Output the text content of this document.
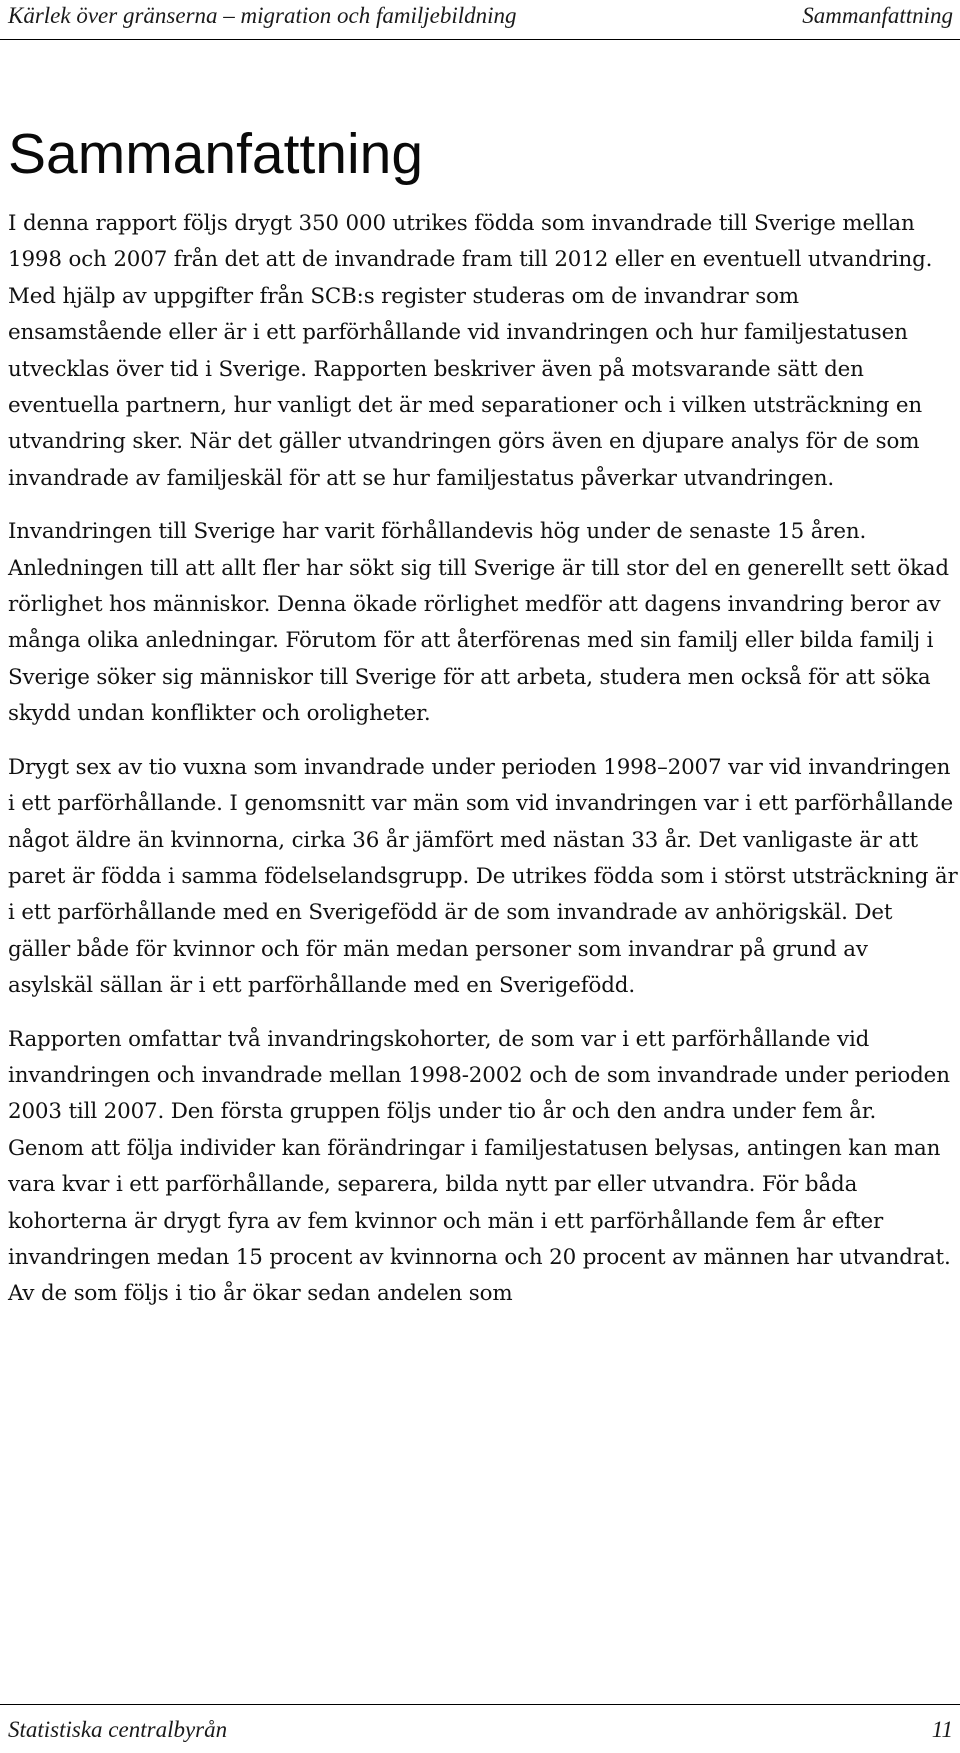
Kärlek över gränserna – migration och familjebildning	Sammanfattning
Sammanfattning

I denna rapport följs drygt 350 000 utrikes födda som invandrade till Sverige mellan 1998 och 2007 från det att de invandrade fram till 2012 eller en eventuell utvandring. Med hjälp av uppgifter från SCB:s register studeras om de invandrar som ensamstående eller är i ett parförhållande vid invandringen och hur familjestatusen utvecklas över tid i Sverige. Rapporten beskriver även på motsvarande sätt den eventuella partnern, hur vanligt det är med separationer och i vilken utsträckning en utvandring sker. När det gäller utvandringen görs även en djupare analys för de som invandrade av familjeskäl för att se hur familjestatus påverkar utvandringen.

Invandringen till Sverige har varit förhållandevis hög under de senaste 15 åren. Anledningen till att allt fler har sökt sig till Sverige är till stor del en generellt sett ökad rörlighet hos människor. Denna ökade rörlighet medför att dagens invandring beror av många olika anledningar. Förutom för att återförenas med sin familj eller bilda familj i Sverige söker sig människor till Sverige för att arbeta, studera men också för att söka skydd undan konflikter och oroligheter.

Drygt sex av tio vuxna som invandrade under perioden 1998–2007 var vid invandringen i ett parförhållande. I genomsnitt var män som vid invandringen var i ett parförhållande något äldre än kvinnorna, cirka 36 år jämfört med nästan 33 år. Det vanligaste är att paret är födda i samma födelselandsgrupp. De utrikes födda som i störst utsträckning är i ett parförhållande med en Sverigefödd är de som invandrade av anhörigskäl. Det gäller både för kvinnor och för män medan personer som invandrar på grund av asylskäl sällan är i ett parförhållande med en Sverigefödd.

Rapporten omfattar två invandringskohorter, de som var i ett parförhållande vid invandringen och invandrade mellan 1998-2002 och de som invandrade under perioden 2003 till 2007. Den första gruppen följs under tio år och den andra under fem år. Genom att följa individer kan förändringar i familjestatusen belysas, antingen kan man vara kvar i ett parförhållande, separera, bilda nytt par eller utvandra. För båda kohorterna är drygt fyra av fem kvinnor och män i ett parförhållande fem år efter invandringen medan 15 procent av kvinnorna och 20 procent av männen har utvandrat. Av de som följs i tio år ökar sedan andelen som

Statistiska centralbyrån	11
